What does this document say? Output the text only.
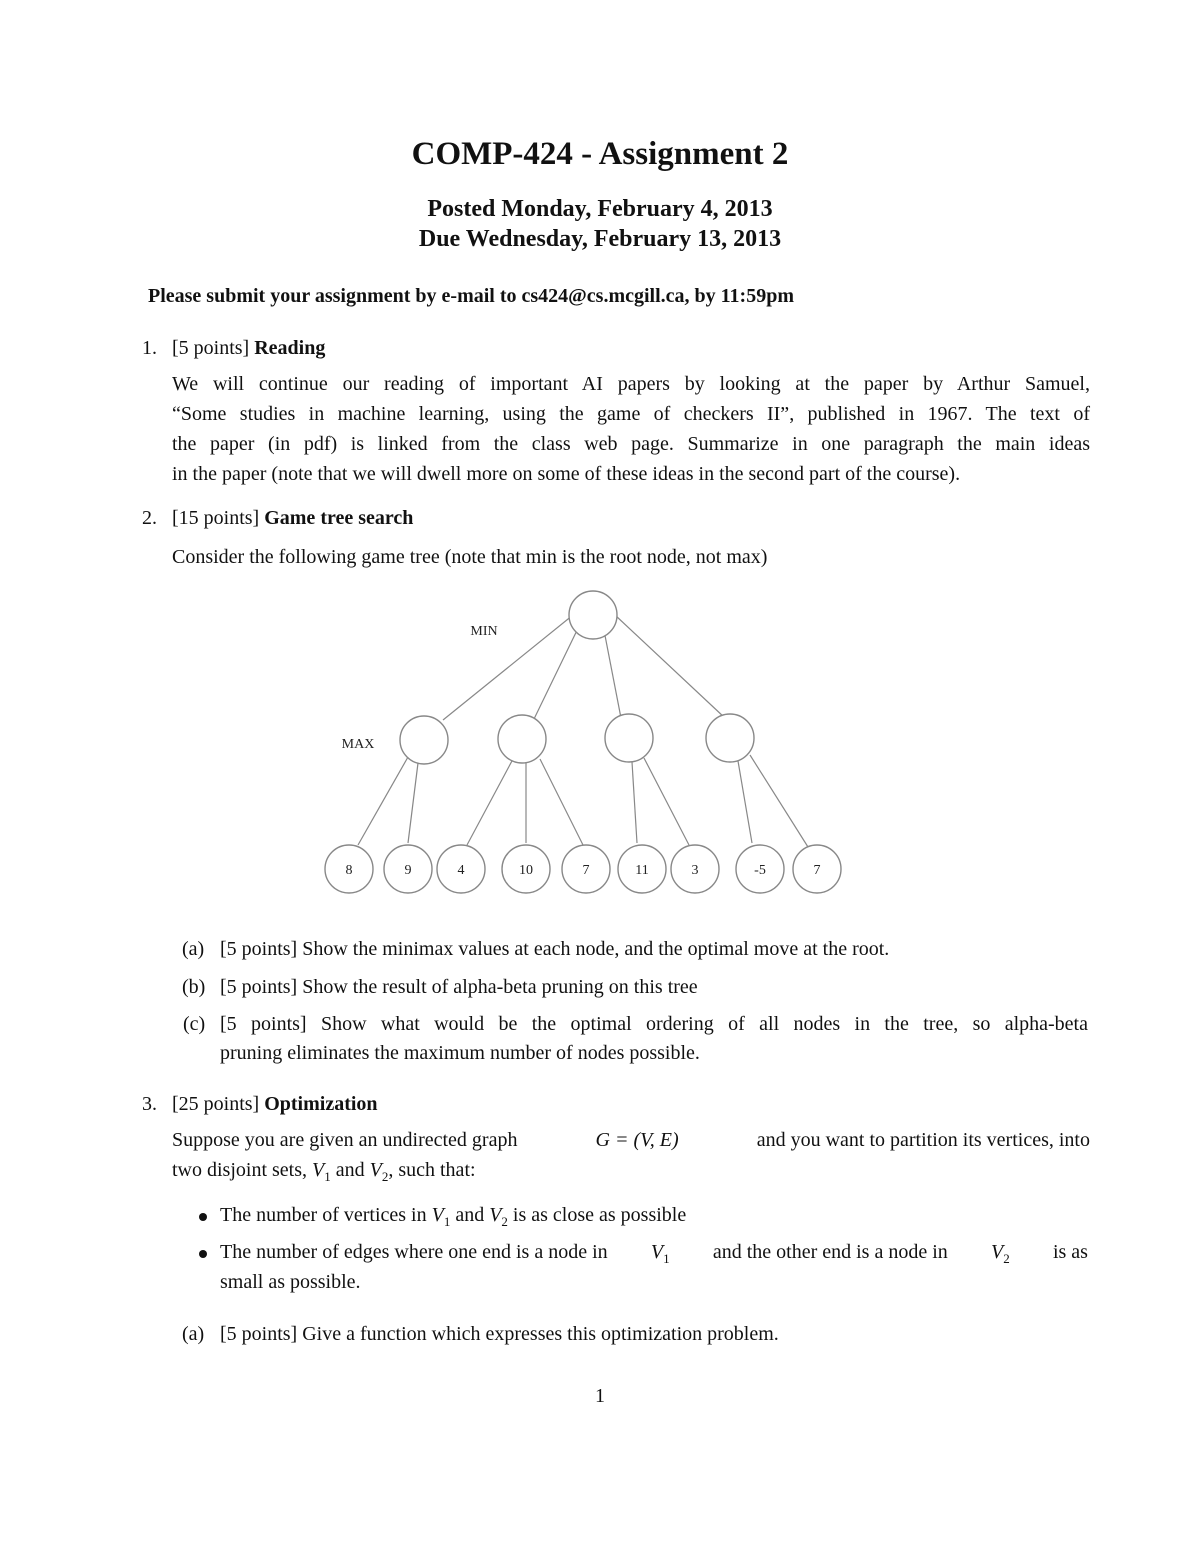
COMP-424 - Assignment 2
Posted Monday, February 4, 2013
Due Wednesday, February 13, 2013
Please submit your assignment by e-mail to cs424@cs.mcgill.ca, by 11:59pm
1. [5 points] Reading
We will continue our reading of important AI papers by looking at the paper by Arthur Samuel,
“Some studies in machine learning, using the game of checkers II”, published in 1967. The text of
the paper (in pdf) is linked from the class web page. Summarize in one paragraph the main ideas
in the paper (note that we will dwell more on some of these ideas in the second part of the course).
2. [15 points] Game tree search
Consider the following game tree (note that min is the root node, not max)
MIN
MAX
8	9	4	10	7	11	3	-5	7
(a) [5 points] Show the minimax values at each node, and the optimal move at the root.
(b) [5 points] Show the result of alpha-beta pruning on this tree
(c) [5 points] Show what would be the optimal ordering of all nodes in the tree, so alpha-beta
pruning eliminates the maximum number of nodes possible.
3. [25 points] Optimization
Suppose you are given an undirected graph	G = (V, E)	and you want to partition its vertices, into
two disjoint sets, $V_1$ and $V_2$, such that:
The number of vertices in $V_1$ and $V_2$ is as close as possible
The number of edges where one end is a node in $V_1$ and the other end is a node in $V_2$ is as
small as possible.
(a) [5 points] Give a function which expresses this optimization problem.
1
